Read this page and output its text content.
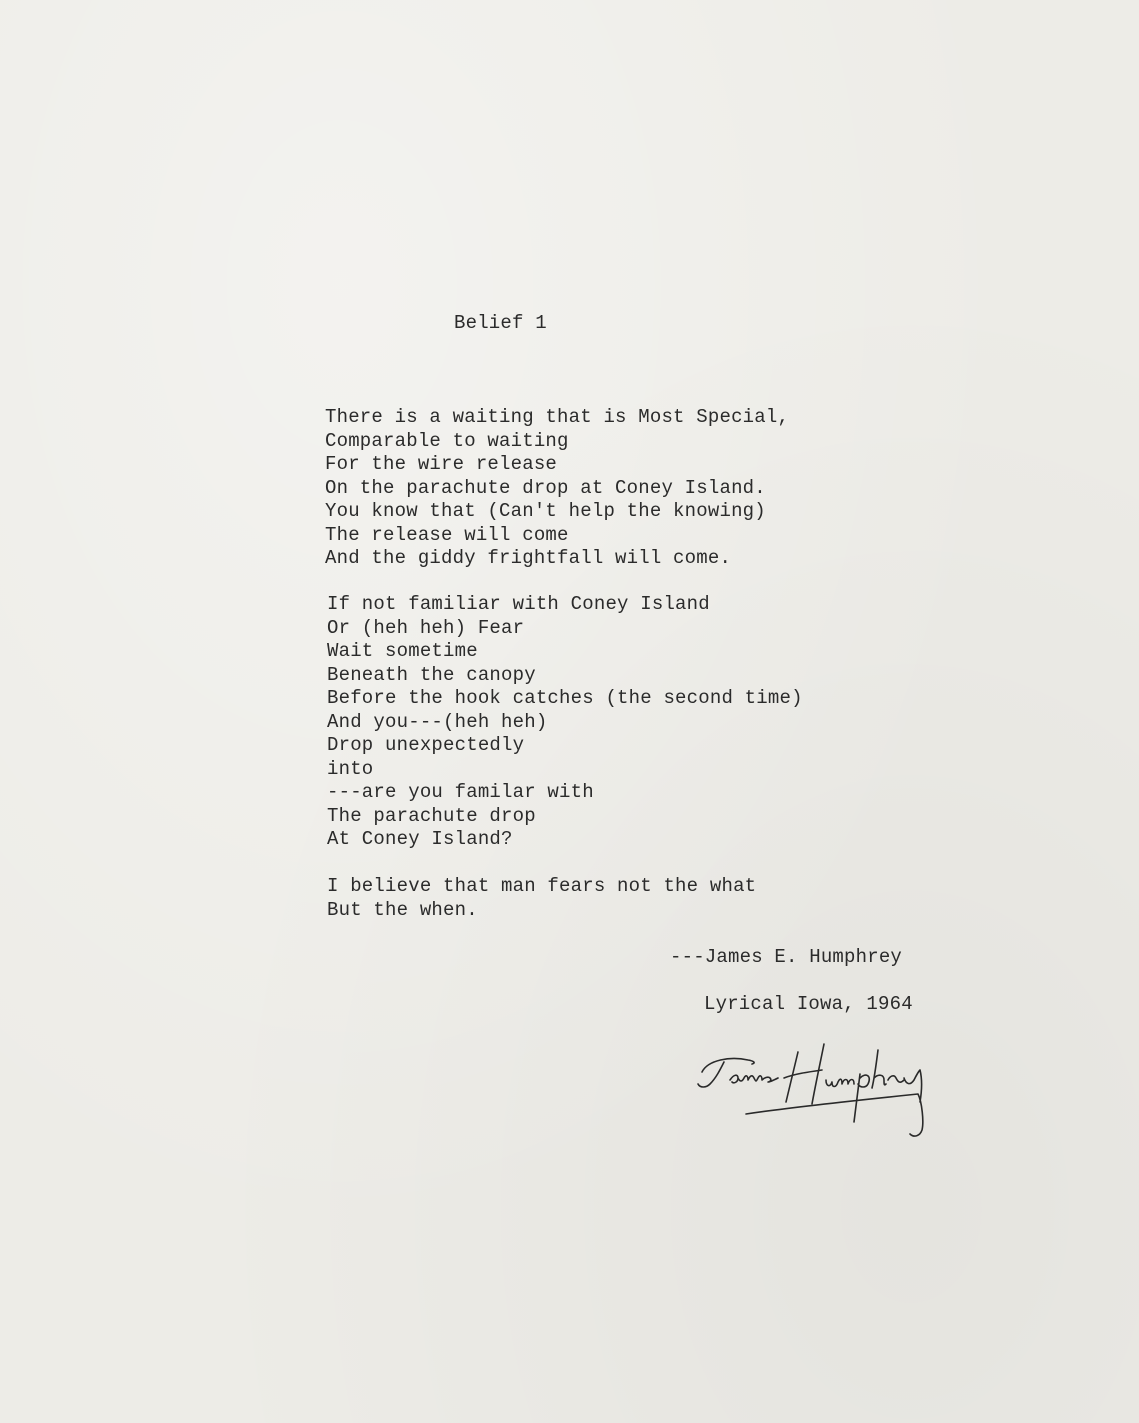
Belief 1
There is a waiting that is Most Special,
Comparable to waiting
For the wire release
On the parachute drop at Coney Island.
You know that (Can't help the knowing)
The release will come
And the giddy frightfall will come.
If not familiar with Coney Island
Or (heh heh) Fear
Wait sometime
Beneath the canopy
Before the hook catches (the second time)
And you---(heh heh)
Drop unexpectedly
into
---are you familar with
The parachute drop
At Coney Island?
I believe that man fears not the what
But the when.
---James E. Humphrey
Lyrical Iowa, 1964
